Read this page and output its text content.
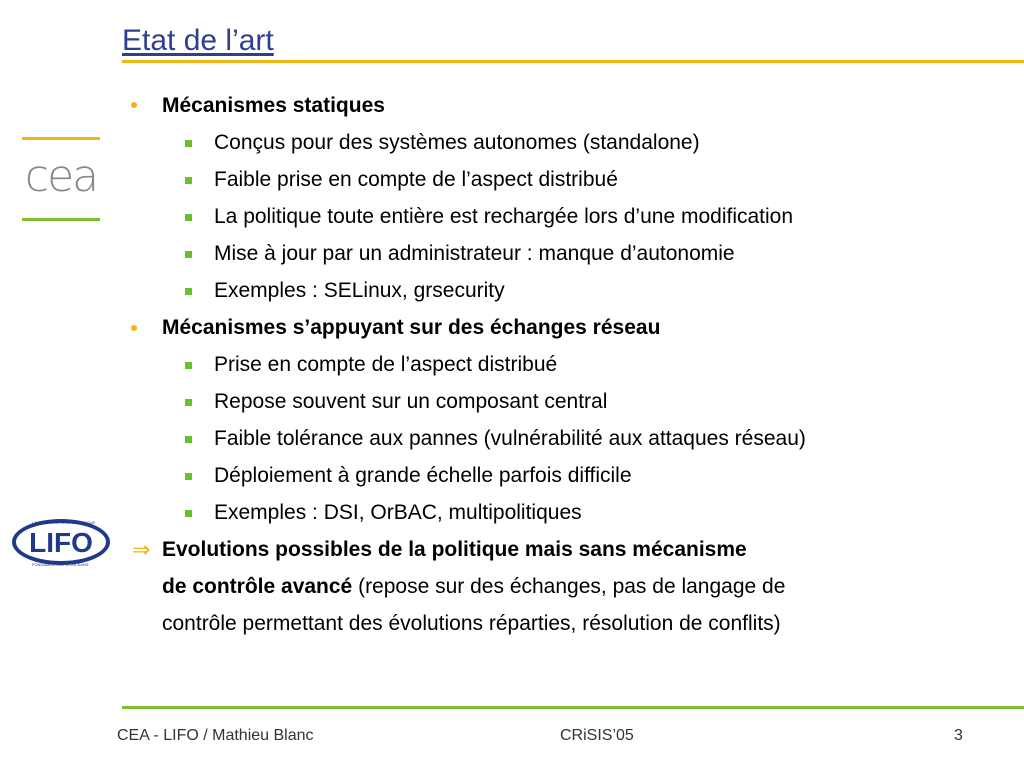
Etat de l’art
cea
LIFO
LABORATOIRE D'INFORMATIQUE
FONDAMENTALE D'ORLÉANS
Mécanismes statiques
Conçus pour des systèmes autonomes (standalone)
Faible prise en compte de l’aspect distribué
La politique toute entière est rechargée lors d’une modification
Mise à jour par un administrateur : manque d’autonomie
Exemples : SELinux, grsecurity
Mécanismes s’appuyant sur des échanges réseau
Prise en compte de l’aspect distribué
Repose souvent sur un composant central
Faible tolérance aux pannes (vulnérabilité aux attaques réseau)
Déploiement à grande échelle parfois difficile
Exemples : DSI, OrBAC, multipolitiques
⇒ Evolutions possibles de la politique mais sans mécanisme
de contrôle avancé (repose sur des échanges, pas de langage de
contrôle permettant des évolutions réparties, résolution de conflits)
CEA - LIFO / Mathieu Blanc	CRiSIS’05	3
